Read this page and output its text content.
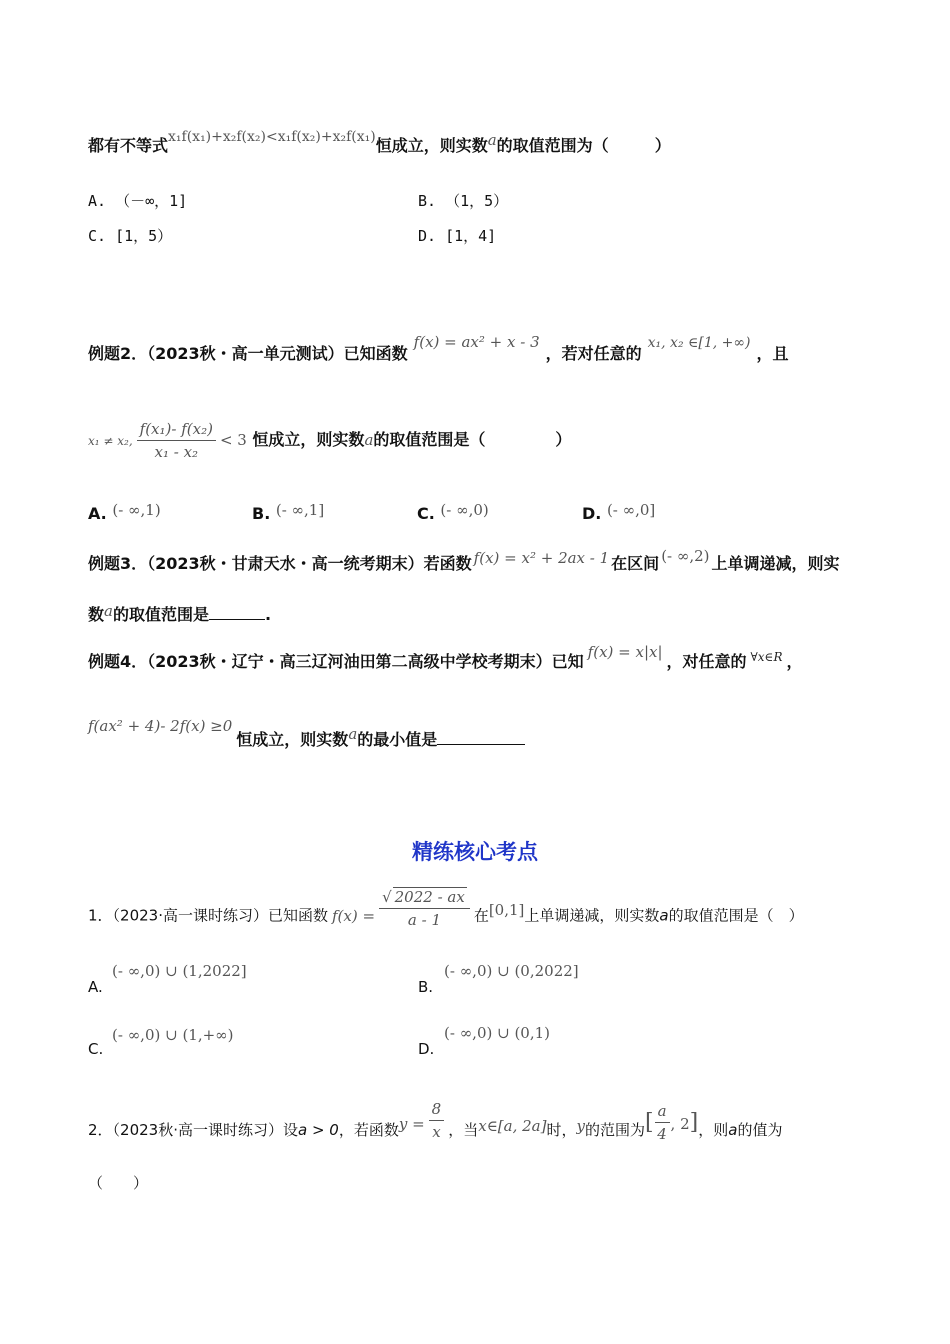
都有不等式x₁f(x₁)+x₂f(x₂)<x₁f(x₂)+x₂f(x₁)恒成立，则实数a的取值范围为（	）
A. （－∞，1]	B. （1，5）
C. [1，5）	D. [1，4]
例题2．（2023秋・高一单元测试）已知函数f(x) = ax² + x - 3，若对任意的x₁, x₂ ∈[1, +∞)，且
x₁ ≠ x₂, $\frac{\text{f(x₁)- f(x₂)}}{\text{x₁ - x₂}} < 3$ 恒成立，则实数a的取值范围是（	）
A. (- ∞,1)	B. (- ∞,1]	C. (- ∞,0)	D. (- ∞,0]
例题3．（2023秋・甘肃天水・高一统考期末）若函数 f(x) = x² + 2ax - 1 在区间 (- ∞,2) 上单调递减，则实
数a的取值范围是	.
例题4．（2023秋・辽宁・高三辽河油田第二高级中学校考期末）已知 f(x) = x|x| ，对任意的 $^{\forall x\in R}$ ，
f(ax² + 4)- 2f(x) ≥0恒成立，则实数a的最小值是
精练核心考点
1．（2023·高一课时练习）已知函数 $f(x) = \frac{√ 2022 - ax}{a - 1}$ 在[0,1]上单调递减，则实数a的取值范围是（　）
A.
(- ∞,0) ∪ (1,2022]
B.
(- ∞,0) ∪ (0,2022]
C.
(- ∞,0) ∪ (1,+∞)
D.
(- ∞,0) ∪ (0,1)
2．（2023秋·高一课时练习）设a > 0，若函数$y = \frac{8}{x}$ ，当x∈[a, 2a]时，y的范围为[ $\frac{a}{4}$ , 2]，则a的值为
（　　）
